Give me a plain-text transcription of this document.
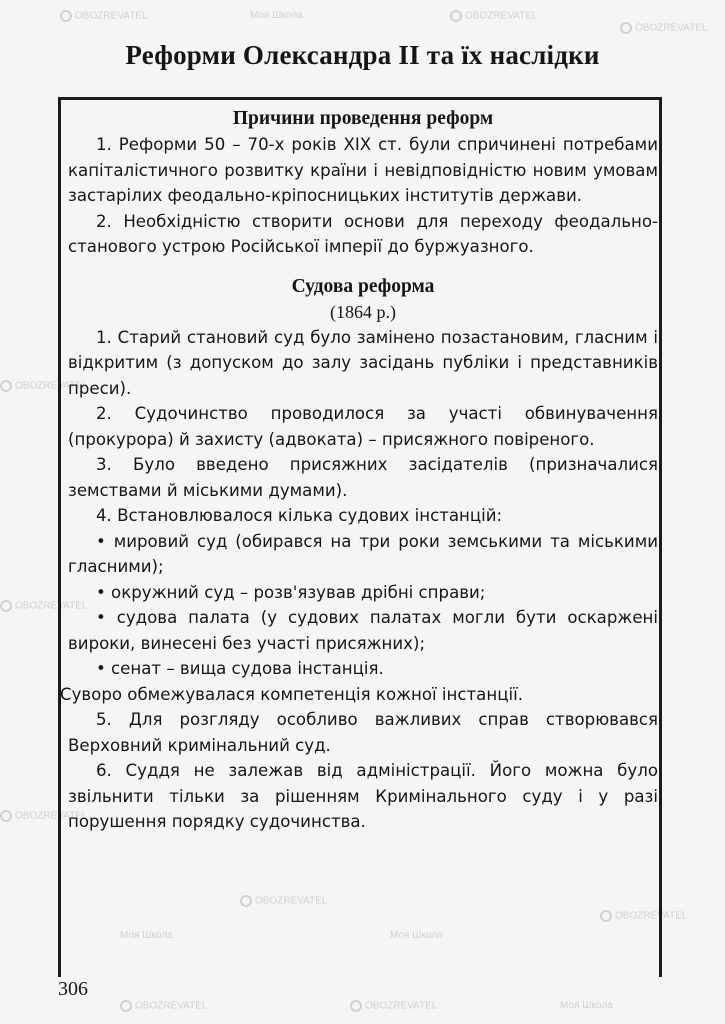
OBOZREVATEL	Моя Школа	OBOZREVATEL
OBOZREVATEL
OBOZREVATEL
OBOZREVATEL
OBOZREVATEL
Моя Школа
OBOZREVATEL
Моя Школа
OBOZREVATEL
OBOZREVATEL	OBOZREVATEL	Моя Школа
Реформи Олександра II та їх наслідки
Причини проведення реформ

1. Реформи 50 – 70-х років XIX ст. були спричинені потребами капіталістичного розвитку країни і невідповідністю новим умовам застарілих феодально-кріпосницьких інститутів держави.

2. Необхідністю створити основи для переходу феодально-станового устрою Російської імперії до буржуазного.

Судова реформа
(1864 р.)

1. Старий становий суд було замінено позастановим, гласним і відкритим (з допуском до залу засідань публіки і представників преси).

2. Судочинство проводилося за участі обвинувачення (прокурора) й захисту (адвоката) – присяжного повіреного.

3. Було введено присяжних засідателів (призначалися земствами й міськими думами).

4. Встановлювалося кілька судових інстанцій:

• мировий суд (обирався на три роки земськими та міськими гласними);

• окружний суд – розв'язував дрібні справи;

• судова палата (у судових палатах могли бути оскаржені вироки, винесені без участі присяжних);

• сенат – вища судова інстанція.

Суворо обмежувалася компетенція кожної інстанції.

5. Для розгляду особливо важливих справ створювався Верховний кримінальний суд.

6. Суддя не залежав від адміністрації. Його можна було звільнити тільки за рішенням Кримінального суду і у разі порушення порядку судочинства.

306
